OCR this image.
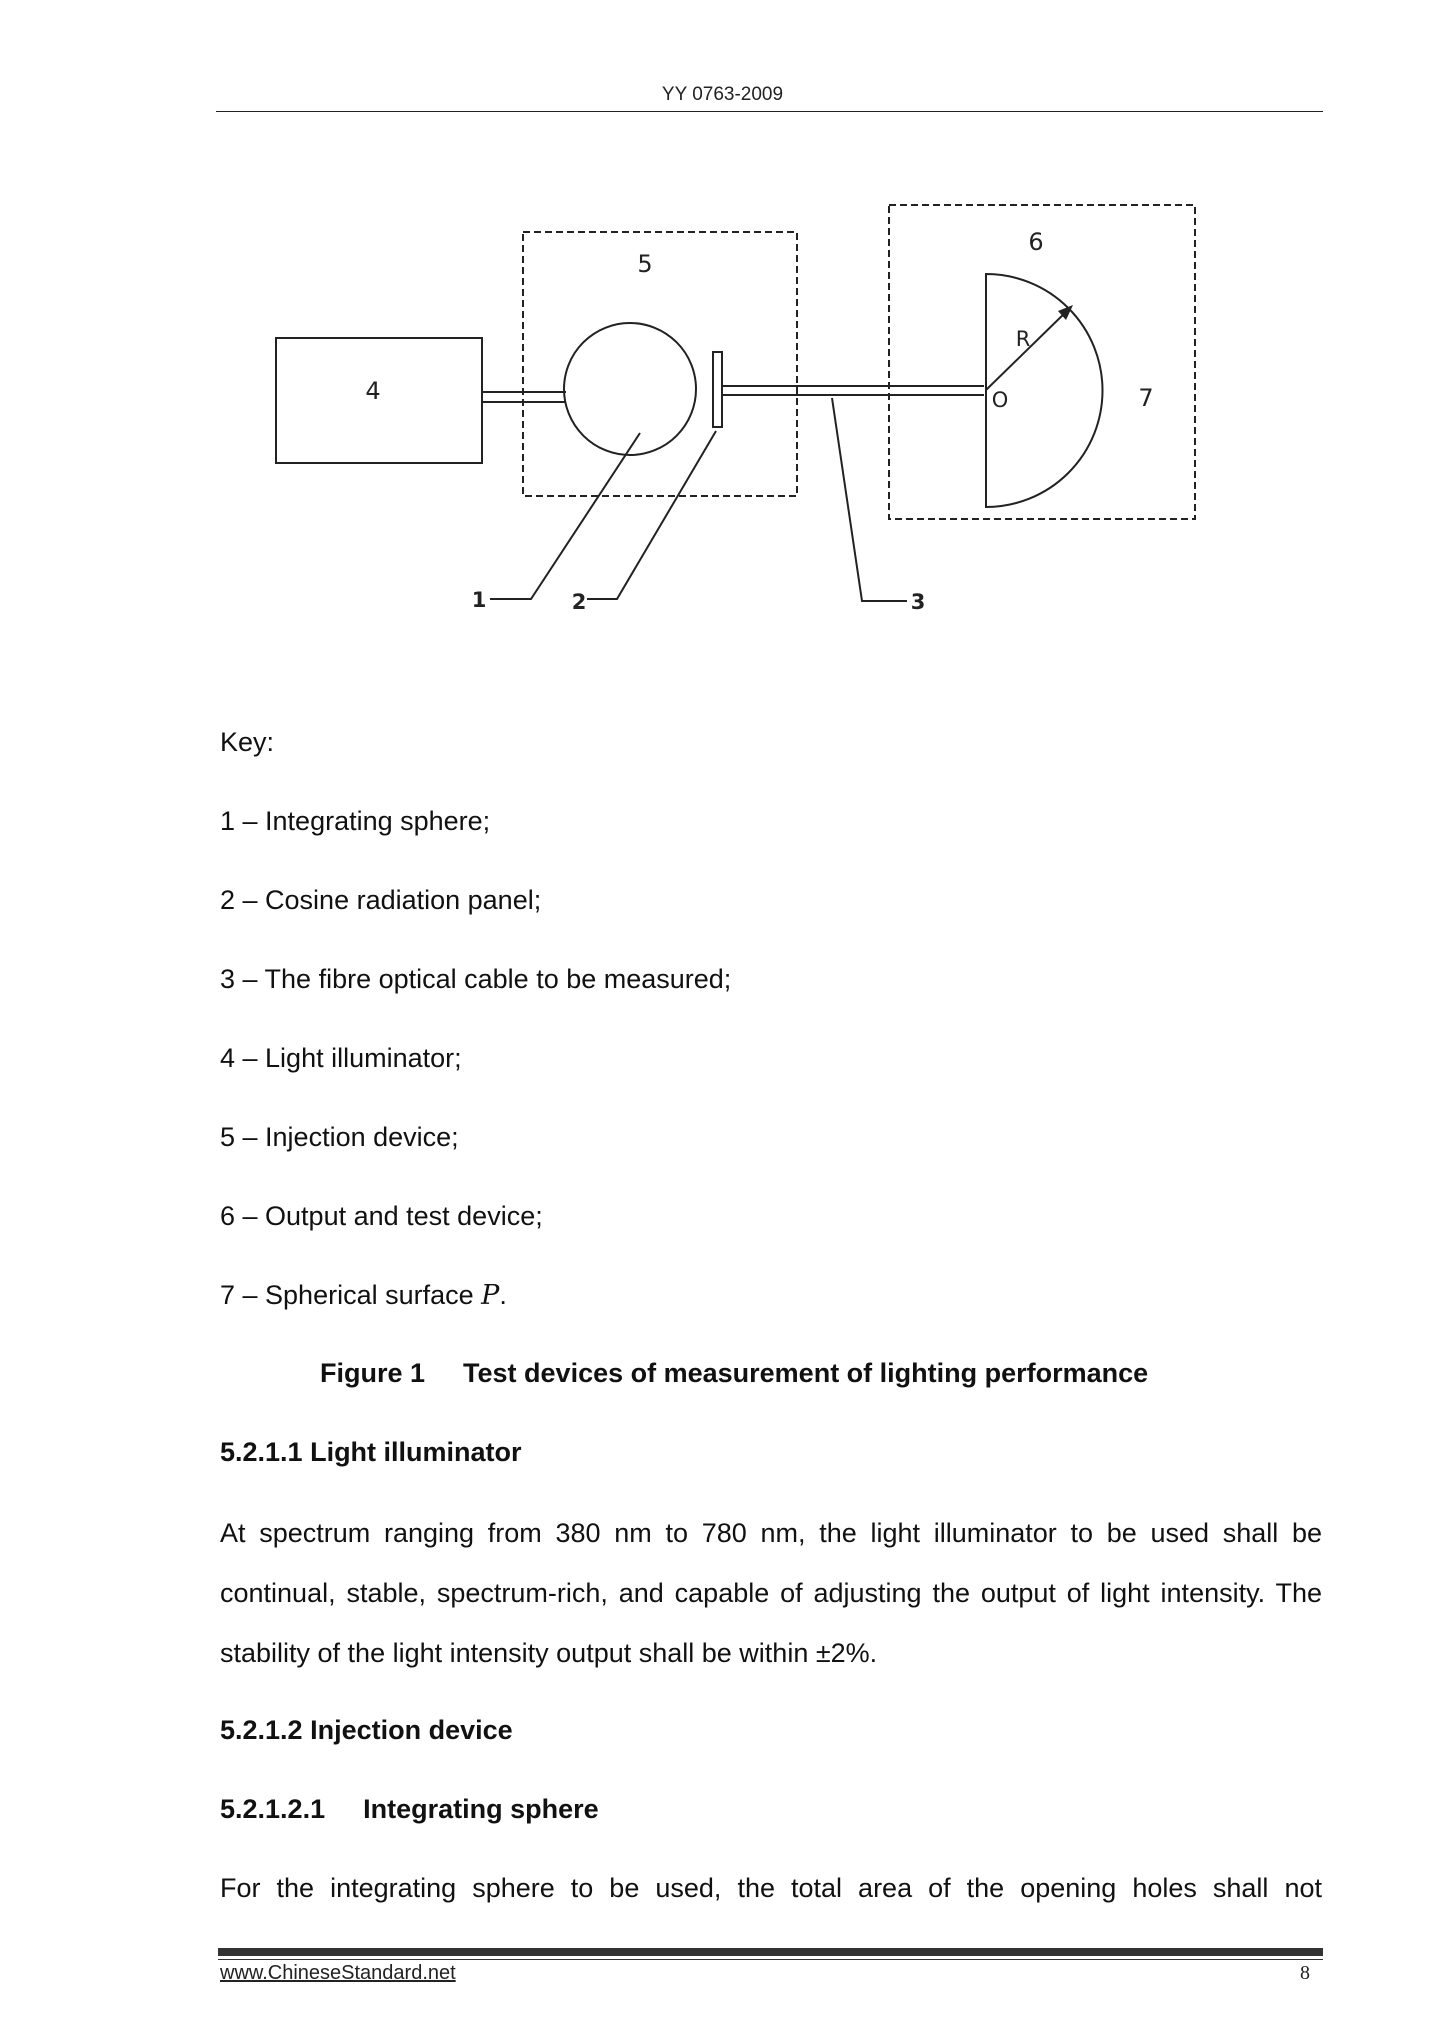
YY 0763-2009
4
5
6
7
R
O
1	2	3
Key:
1 – Integrating sphere;
2 – Cosine radiation panel;
3 – The fibre optical cable to be measured;
4 – Light illuminator;
5 – Injection device;
6 – Output and test device;
7 – Spherical surface P.
Figure 1 Test devices of measurement of lighting performance
5.2.1.1 Light illuminator
At spectrum ranging from 380 nm to 780 nm, the light illuminator to be used shall be continual, stable, spectrum-rich, and capable of adjusting the output of light intensity. The stability of the light intensity output shall be within ±2%.
5.2.1.2 Injection device
5.2.1.2.1 Integrating sphere
For the integrating sphere to be used, the total area of the opening holes shall not
www.ChineseStandard.net	8
